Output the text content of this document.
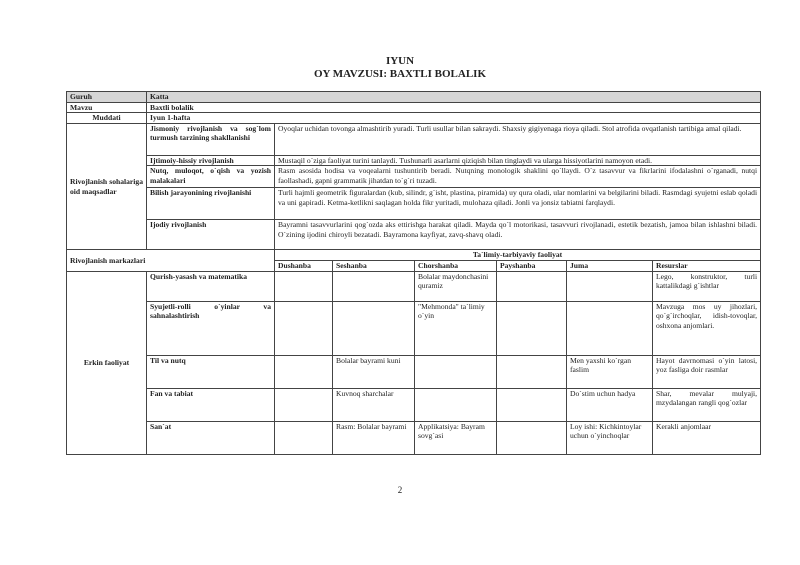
IYUN
OY MAVZUSI: BAXTLI BOLALIK
Guruh	Katta						
Mavzu	Baxtli bolalik						
Muddati	Iyun 1-hafta						
Rivojlanish sohalariga oid maqsadlar	Jismoniy rivojlanish va sog`lom turmush tarzining shakllanishi	Oyoqlar uchidan tovonga almashtirib yuradi. Turli usullar bilan sakraydi. Shaxsiy gigiyenaga rioya qiladi. Stol atrofida ovqatlanish tartibiga amal qiladi.					
	Ijtimoiy-hissiy rivojlanish	Mustaqil o`ziga faoliyat turini tanlaydi. Tushunarli asarlarni qiziqish bilan tinglaydi va ularga hissiyotlarini namoyon etadi.					
	Nutq, muloqot, o`qish va yozish malakalari	Rasm asosida hodisa va voqealarni tushuntirib beradi. Nutqning monologik shaklini qo`llaydi. O`z tasavvur va fikrlarini ifodalashni o`rganadi, nutqi faollashadi, gapni grammatik jihatdan to`g`ri tuzadi.					
	Bilish jarayonining rivojlanishi	Turli hajmli geometrik figuralardan (kub, silindr, g`isht, plastina, piramida) uy qura oladi, ular nomlarini va belgilarini biladi. Rasmdagi syujetni eslab qoladi va uni gapiradi. Ketma-ketlikni saqlagan holda fikr yuritadi, mulohaza qiladi. Jonli va jonsiz tabiatni farqlaydi.					
	Ijodiy rivojlanish	Bayramni tasavvurlarini qog`ozda aks ettirishga harakat qiladi. Mayda qo`l motorikasi, tasavvuri rivojlanadi, estetik bezatish, jamoa bilan ishlashni biladi. O`zining ijodini chiroyli bezatadi. Bayramona kayfiyat, zavq-shavq oladi.					
Rivojlanish markazlari		Ta`limiy-tarbiyaviy faoliyat					
		Dushanba	Seshanba	Chorshanba	Payshanba	Juma	Resurslar
Erkin faoliyat	Qurish-yasash va matematika			Bolalar maydonchasini quramiz			Lego, konstruktor, turli kattalikdagi g`ishtlar
	Syujetli-rolli o`yinlar va sahnalashtirish			"Mehmonda" ta`limiy o`yin			Mavzuga mos uy jihozlari, qo`g`irchoqlar, idish-tovoqlar, oshxona anjomlari.
	Til va nutq		Bolalar bayrami kuni			Men yaxshi ko`rgan faslim	Hayot davrnomasi o`yin latosi, yoz fasliga doir rasmlar
	Fan va tabiat		Kuvnoq sharchalar			Do`stim uchun hadya	Shar, mevalar mulyaji, mzydalangan rangli qog`ozlar
	San`at		Rasm: Bolalar bayrami	Applikatsiya: Bayram sovg`asi		Loy ishi: Kichkintoylar uchun o`yinchoqlar	Kerakli anjomlaar
2
